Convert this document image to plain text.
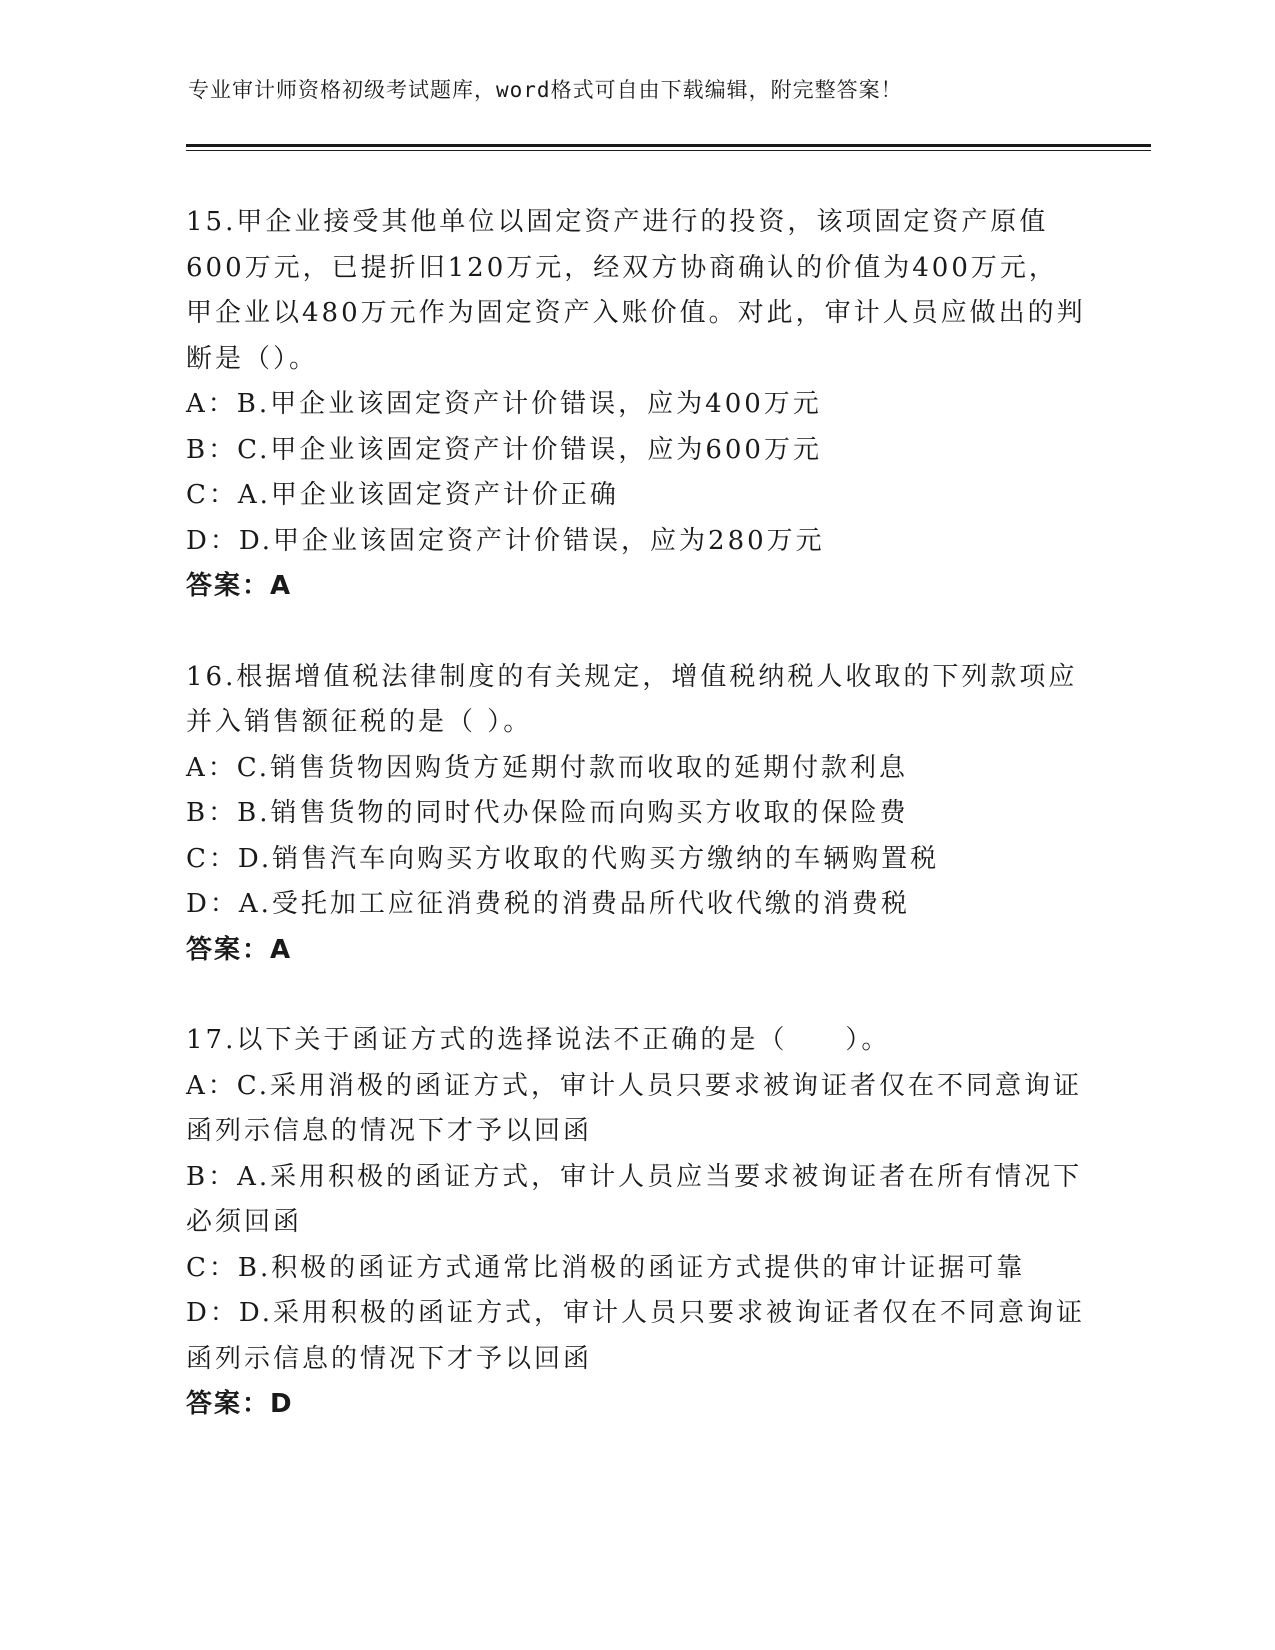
专业审计师资格初级考试题库，word格式可自由下载编辑，附完整答案！
15.甲企业接受其他单位以固定资产进行的投资，该项固定资产原值600万元，已提折旧120万元，经双方协商确认的价值为400万元，甲企业以480万元作为固定资产入账价值。对此，审计人员应做出的判断是（）。
A：B.甲企业该固定资产计价错误，应为400万元
B：C.甲企业该固定资产计价错误，应为600万元
C：A.甲企业该固定资产计价正确
D：D.甲企业该固定资产计价错误，应为280万元
答案：A
16.根据增值税法律制度的有关规定，增值税纳税人收取的下列款项应并入销售额征税的是（ ）。
A：C.销售货物因购货方延期付款而收取的延期付款利息
B：B.销售货物的同时代办保险而向购买方收取的保险费
C：D.销售汽车向购买方收取的代购买方缴纳的车辆购置税
D：A.受托加工应征消费税的消费品所代收代缴的消费税
答案：A
17.以下关于函证方式的选择说法不正确的是（　　）。
A：C.采用消极的函证方式，审计人员只要求被询证者仅在不同意询证函列示信息的情况下才予以回函
B：A.采用积极的函证方式，审计人员应当要求被询证者在所有情况下必须回函
C：B.积极的函证方式通常比消极的函证方式提供的审计证据可靠
D：D.采用积极的函证方式，审计人员只要求被询证者仅在不同意询证函列示信息的情况下才予以回函
答案：D
